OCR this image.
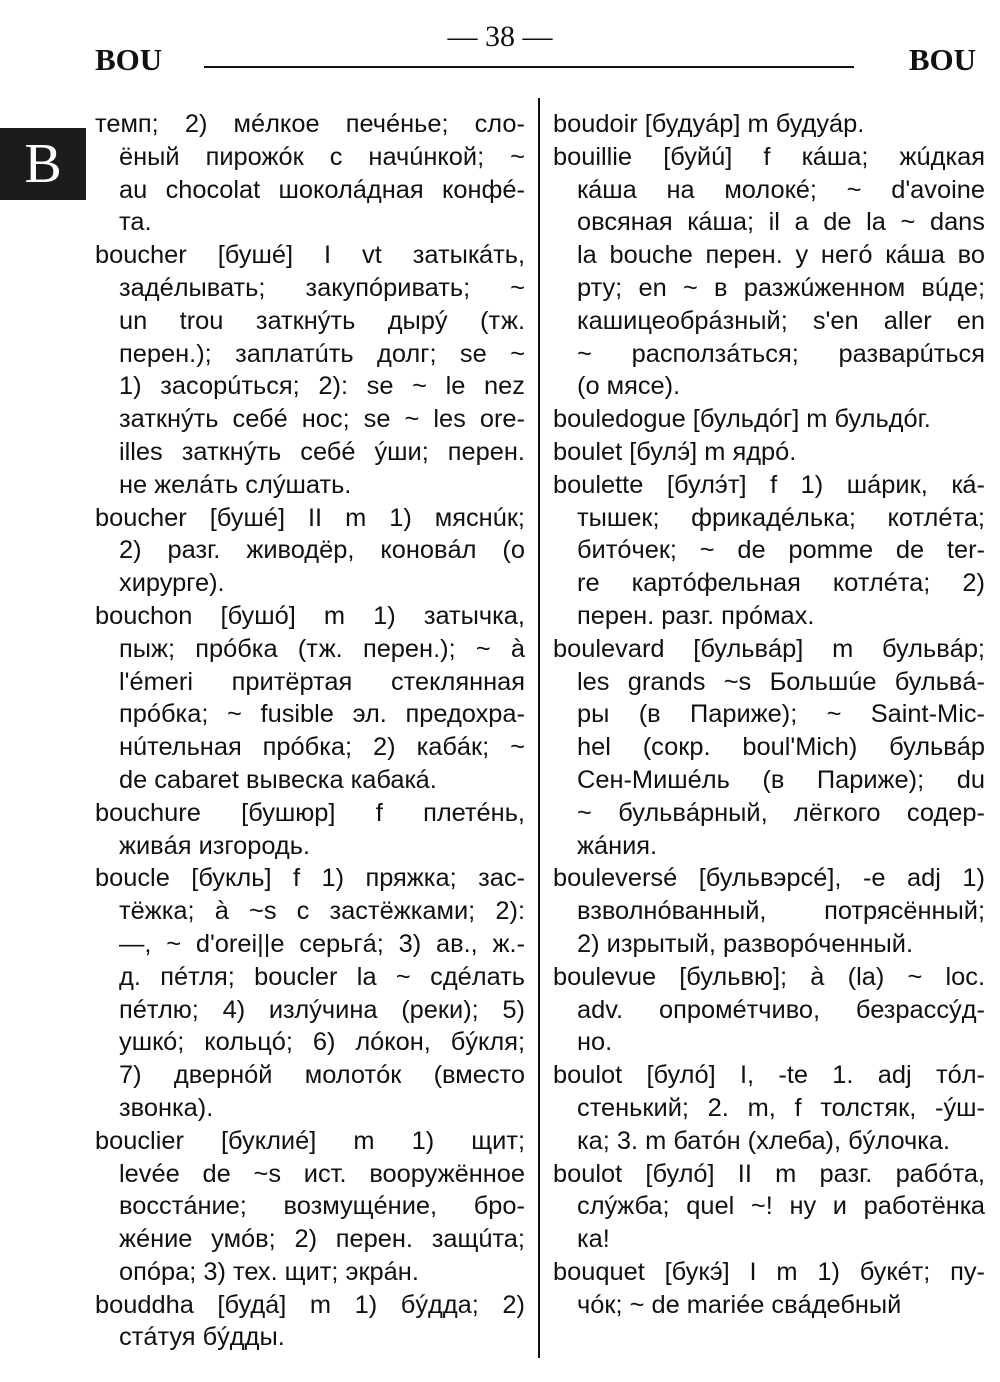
BOU
— 38 —
BOU
B
темп; 2) мéлкое печéнье; сло-
ёный пирожóк с начúнкой; ~
au chocolat шоколáдная конфé-
та.
boucher [бушé] I vt затыкáть,
задéлывать; закупóривать; ~
un trou заткнýть дырý (тж.
перен.); заплатúть долг; se ~
1) засорúться; 2): se ~ le nez
заткнýть себé нос; se ~ les ore-
illes заткнýть себé ýши; перен.
не желáть слýшать.
boucher [бушé] II m 1) мяснúк;
2) разг. живодёр, коновáл (о
хирурге).
bouchon [бушó] m 1) затычка,
пыж; прóбка (тж. перен.); ~ à
l'émeri притёртая стеклянная
прóбка; ~ fusible эл. предохра-
нúтельная прóбка; 2) кабáк; ~
de cabaret вывеска кабакá.
bouchure [бушюр] f плетéнь,
живáя изгородь.
boucle [букль] f 1) пряжка; зас-
тёжка; à ~s с застёжками; 2):
—, ~ d'orei||e серьгá; 3) ав., ж.-
д. пéтля; boucler la ~ сдéлать
пéтлю; 4) излýчина (реки); 5)
ушкó; кольцó; 6) лóкон, бýкля;
7) двернóй молотóк (вместо
звонка).
bouclier [буклиé] m 1) щит;
levée de ~s ист. вооружённое
восстáние; возмущéние, бро-
жéние умóв; 2) перен. защúта;
опóра; 3) тех. щит; экрáн.
bouddha [будá] m 1) бýдда; 2)
стáтуя бýдды.
boudoir [будуáр] m будуáр.
bouillie [буйú] f кáша; жúдкая
кáша на молокé; ~ d'avoine
овсяная кáша; il a de la ~ dans
la bouche перен. у негó кáша во
рту; en ~ в разжúженном вúде;
кашицеобрáзный; s'en aller en
~ расползáться; разварúться
(о мясе).
bouledogue [бульдóг] m бульдóг.
boulet [булэ́] m ядрó.
boulette [булэ́т] f 1) шáрик, кá-
тышек; фрикадéлька; котлéта;
битóчек; ~ de pomme de ter-
re картóфельная котлéта; 2)
перен. разг. прóмах.
boulevard [бульвáр] m бульвáр;
les grands ~s Большúе бульвá-
ры (в Париже); ~ Saint-Mic-
hel (сокр. boul'Mich) бульвáр
Сен-Мишéль (в Париже); du
~ бульвáрный, лёгкого содер-
жáния.
bouleversé [бульвэрсé], -e adj 1)
взволнóванный, потрясённый;
2) изрытый, разворóченный.
boulevue [бульвю]; à (la) ~ loc.
adv. опромéтчиво, безрассýд-
но.
boulot [булó] I, -te 1. adj тóл-
стенький; 2. m, f толстяк, -ýш-
ка; 3. m батóн (хлеба), бýлочка.
boulot [булó] II m разг. рабóта,
слýжба; quel ~! ну и работёнкa
ка!
bouquet [букэ́] I m 1) букéт; пу-
чóк; ~ de mariée свáдебный
